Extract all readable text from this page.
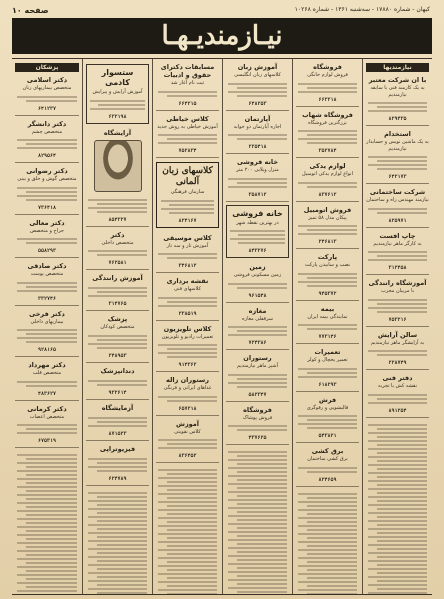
صفحه ۱۰	کیهان - شماره ۱۷۸۸۰ - سه‌شنبه ۱۳۶۱ - شماره ۱۰۲۶۸
نیـازمندیـهـا
نیازمندیها
با ان شرکت معتبر
به یک کارمند فنی با سابقه نیازمندیم
۸۲۹۴۳۵
استخدام
به یک ماشین نویس و حسابدار نیازمندیم
۶۴۲۱۷۳
شرکت ساختمانی
نیازمند مهندس راه و ساختمان
۸۲۵۹۷۱
چاپ افست
به کارگر ماهر نیازمندیم
۳۱۲۴۵۸
آموزشگاه رانندگی
با مربیان مجرب
۷۵۳۲۱۶
سالن آرایش
به آرایشگر ماهر نیازمندیم
۲۲۸۷۴۹
دفتر فنی
نقشه کش با تجربه
۸۹۱۲۵۴
فروشگاه
فروش لوازم خانگی
۶۶۳۲۱۸
فروشگاه شهاب
بزرگترین فروشگاه
۳۵۲۷۸۴
لوازم یدکی
انواع لوازم یدکی اتومبیل
۸۳۷۶۱۲
فروش اتومبیل
پیکان مدل ۵۸ تمیز
۲۴۶۸۱۳
پارکت
نصب و سابیدن پارکت
۹۴۵۳۷۲
بیمه
نمایندگی بیمه ایران
۷۷۳۱۴۶
تعمیرات
تعمیر یخچال و کولر
۶۱۸۲۹۳
فرش
قالیشویی و رفوگری
۵۴۳۸۲۱
برق کشی
برق کشی ساختمان
۸۲۴۶۵۹
آموزش زبان
کلاسهای زبان انگلیسی
۶۴۸۲۵۳
آپارتمان
اجاره آپارتمان دو خوابه
۲۲۵۴۱۸
خانه فروشی
منزل ویلایی ۲۰۰ متر
۳۵۸۷۱۲
خانه فروشی
در بهترین نقطه شهر
۸۴۳۲۷۶
زمین
زمین مسکونی فروشی
۹۶۱۵۴۸
مغازه
سرقفلی مغازه
۷۲۴۳۸۶
رستوران
آشپز ماهر نیازمندیم
۵۸۲۳۴۷
فروشگاه
فروش پوشاک
۴۳۷۶۲۵
مسابقات دکترای حقوق و ادبیات
ثبت نام آغاز شد
۶۶۴۲۱۵
کلاس خیاطی
آموزش خیاطی به روش جدید
۷۵۲۸۳۴
کلاسهای زبان آلمانی
سازمان فرهنگی
۸۲۴۱۶۷
کلاس موسیقی
آموزش تار و سه تار
۳۴۶۸۱۲
نقشه برداری
کلاسهای فنی
۲۳۸۵۱۹
کلاس تلویزیون
تعمیرات رادیو و تلویزیون
۹۱۴۳۶۲
رستوران زاله
غذاهای ایرانی و فرنگی
۶۵۷۲۱۸
آموزش
کلاس تقویتی
۸۳۶۴۵۲
ستسوار کادمی
آموزش آرایش و پیرایش
۶۳۲۱۹۸
آرایشگاه
۸۵۴۳۲۷
دکتر
متخصص داخلی
۷۶۲۵۸۱
آموزش رانندگی
۳۱۴۷۶۵
پزشک
متخصص کودکان
۲۴۸۹۵۳
دندانپزشک
۹۳۲۶۱۴
آزمایشگاه
۸۷۱۵۲۳
فیزیوتراپی
۶۲۴۷۸۹
پزشکان
دکتر اسلامی
متخصص بیماریهای زنان
۶۴۱۲۳۷
دکتر دانشگر
متخصص چشم
۸۲۹۵۶۴
دکتر رضوانی
متخصص گوش و حلق و بینی
۷۳۶۴۱۸
دکتر معالی
جراح و متخصص
۵۵۸۲۹۳
دکتر صادقی
متخصص پوست
۳۳۲۷۴۶
دکتر فرخی
بیماریهای داخلی
۹۲۸۱۶۵
دکتر مهرداد
متخصص قلب
۴۸۳۶۲۷
دکتر کرمانی
متخصص اعصاب
۶۷۵۳۱۹
